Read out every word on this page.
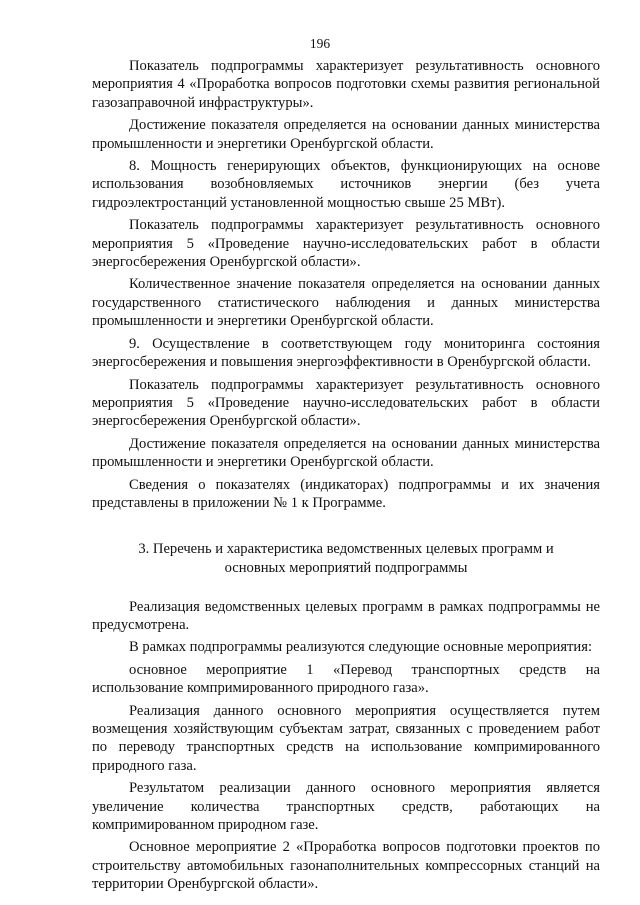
196

Показатель подпрограммы характеризует результативность основного мероприятия 4 «Проработка вопросов подготовки схемы развития региональной газозаправочной инфраструктуры».

Достижение показателя определяется на основании данных министерства промышленности и энергетики Оренбургской области.

8. Мощность генерирующих объектов, функционирующих на основе использования возобновляемых источников энергии (без учета гидроэлектростанций установленной мощностью свыше 25 МВт).

Показатель подпрограммы характеризует результативность основного мероприятия 5 «Проведение научно-исследовательских работ в области энергосбережения Оренбургской области».

Количественное значение показателя определяется на основании данных государственного статистического наблюдения и данных министерства промышленности и энергетики Оренбургской области.

9. Осуществление в соответствующем году мониторинга состояния энергосбережения и повышения энергоэффективности в Оренбургской области.

Показатель подпрограммы характеризует результативность основного мероприятия 5 «Проведение научно-исследовательских работ в области энергосбережения Оренбургской области».

Достижение показателя определяется на основании данных министерства промышленности и энергетики Оренбургской области.

Сведения о показателях (индикаторах) подпрограммы и их значения представлены в приложении № 1 к Программе.

3. Перечень и характеристика ведомственных целевых программ и
основных мероприятий подпрограммы

Реализация ведомственных целевых программ в рамках подпрограммы не предусмотрена.

В рамках подпрограммы реализуются следующие основные мероприятия:

основное мероприятие 1 «Перевод транспортных средств на использование компримированного природного газа».

Реализация данного основного мероприятия осуществляется путем возмещения хозяйствующим субъектам затрат, связанных с проведением работ по переводу транспортных средств на использование компримированного природного газа.

Результатом реализации данного основного мероприятия является увеличение количества транспортных средств, работающих на компримированном природном газе.

Основное мероприятие 2 «Проработка вопросов подготовки проектов по строительству автомобильных газонаполнительных компрессорных станций на территории Оренбургской области».
